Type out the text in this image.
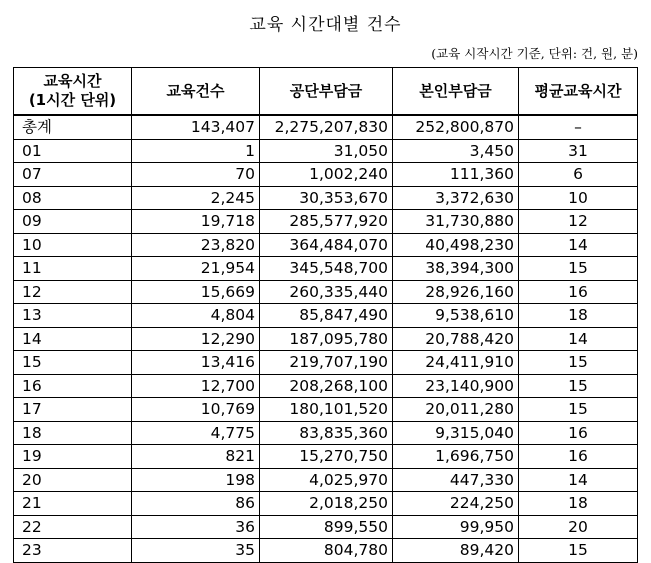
교육 시간대별 건수
(교육 시작시간 기준, 단위: 건, 원, 분)
교육시간
(1시간 단위)	교육건수	공단부담금	본인부담금	평균교육시간
총계	143,407	2,275,207,830	252,800,870	–
01	1	31,050	3,450	31
07	70	1,002,240	111,360	6
08	2,245	30,353,670	3,372,630	10
09	19,718	285,577,920	31,730,880	12
10	23,820	364,484,070	40,498,230	14
11	21,954	345,548,700	38,394,300	15
12	15,669	260,335,440	28,926,160	16
13	4,804	85,847,490	9,538,610	18
14	12,290	187,095,780	20,788,420	14
15	13,416	219,707,190	24,411,910	15
16	12,700	208,268,100	23,140,900	15
17	10,769	180,101,520	20,011,280	15
18	4,775	83,835,360	9,315,040	16
19	821	15,270,750	1,696,750	16
20	198	4,025,970	447,330	14
21	86	2,018,250	224,250	18
22	36	899,550	99,950	20
23	35	804,780	89,420	15
